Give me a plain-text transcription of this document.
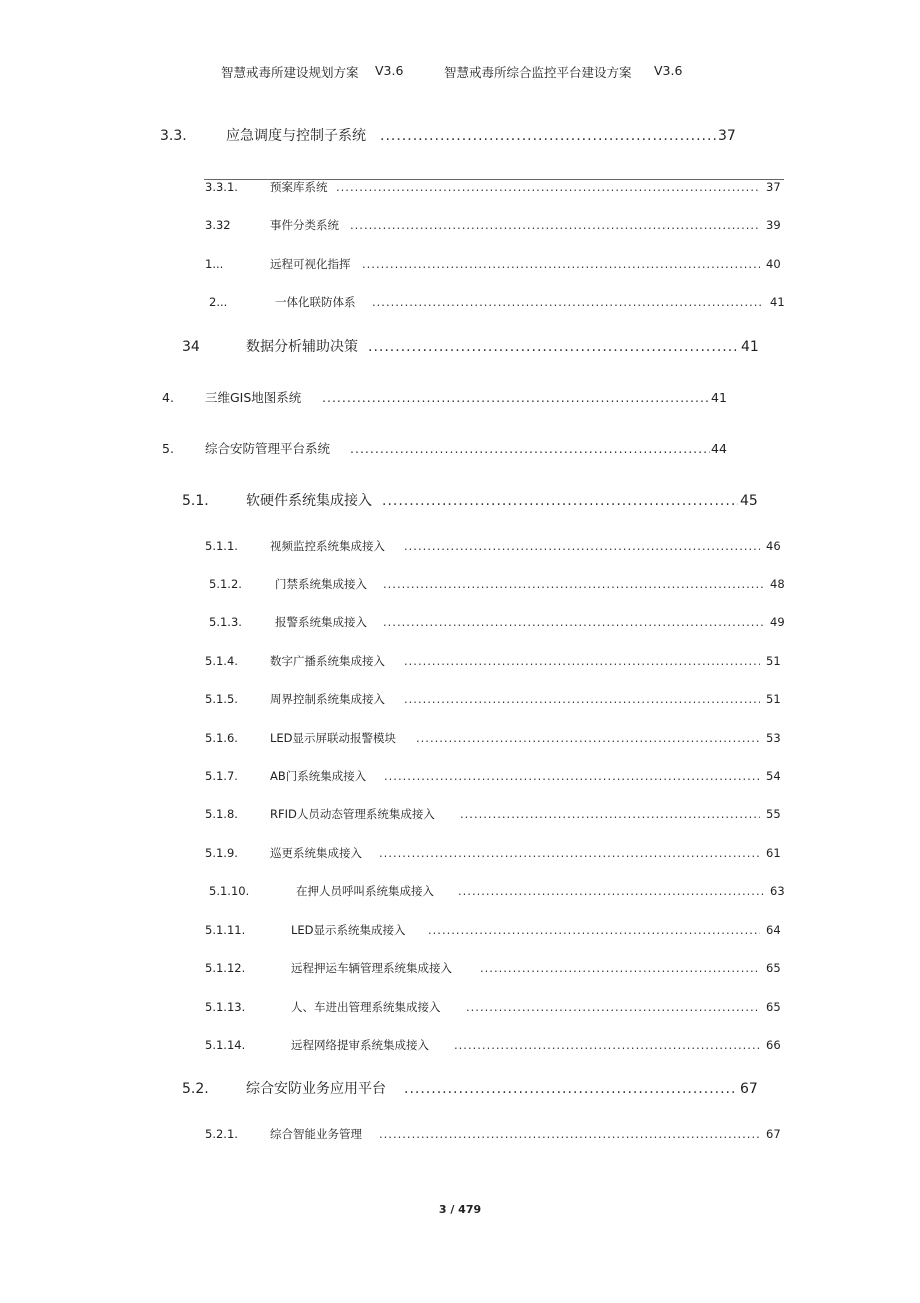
智慧戒毒所建设规划方案 V3.6	智慧戒毒所综合监控平台建设方案 V3.6
3.3.	应急调度与控制子系统 .....	37
3.3.1.	预案库系统 .....	37
3.32	事件分类系统 .....	39
1...	远程可视化指挥 .....	40
2...	一体化联防体系 .....	41
34	数据分析辅助决策 .....	41
4. 三维GIS地图系统 .....	41
5. 综合安防管理平台系统 .....	44
5.1.	软硬件系统集成接入 .....	45
5.1.1.	视频监控系统集成接入 .....	46
5.1.2.	门禁系统集成接入 .....	48
5.1.3.	报警系统集成接入 .....	49
5.1.4.	数字广播系统集成接入 .....	51
5.1.5.	周界控制系统集成接入 .....	51
5.1.6.	LED显示屏联动报警模块 .....	53
5.1.7.	AB门系统集成接入 .....	54
5.1.8.	RFID人员动态管理系统集成接入 .....	55
5.1.9.	巡更系统集成接入 .....	61
5.1.10.	在押人员呼叫系统集成接入 .....	63
5.1.11.	LED显示系统集成接入 .....	64
5.1.12.	远程押运车辆管理系统集成接入 .....	65
5.1.13.	人、车进出管理系统集成接入 .....	65
5.1.14.	远程网络提审系统集成接入 .....	66
5.2.	综合安防业务应用平台 .....	67
5.2.1.	综合智能业务管理 .....	67
3 / 479
